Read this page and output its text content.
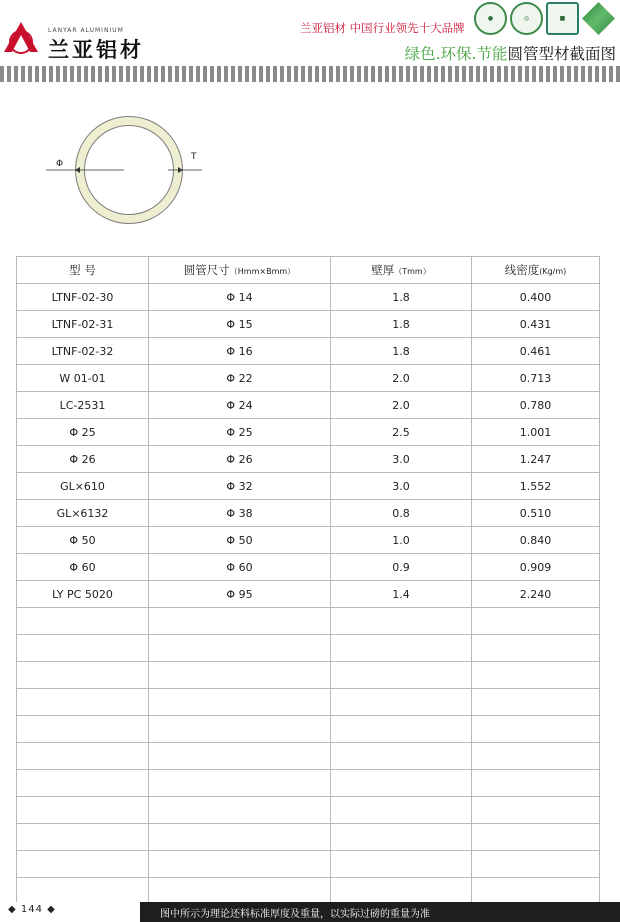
LANYAR ALUMINIUM
兰亚铝材
兰亚铝材 中国行业领先十大品牌
●	◎	■
绿色.环保.节能圆管型材截面图
Φ
T
型 号	圆管尺寸（Hmm×Bmm）	壁厚（Tmm）	线密度(Kg/m)
LTNF-02-30	Φ 14	1.8	0.400
LTNF-02-31	Φ 15	1.8	0.431
LTNF-02-32	Φ 16	1.8	0.461
W 01-01	Φ 22	2.0	0.713
LC-2531	Φ 24	2.0	0.780
Φ 25	Φ 25	2.5	1.001
Φ 26	Φ 26	3.0	1.247
GL×610	Φ 32	3.0	1.552
GL×6132	Φ 38	0.8	0.510
Φ 50	Φ 50	1.0	0.840
Φ 60	Φ 60	0.9	0.909
LY PC 5020	Φ 95	1.4	2.240

◆ 144 ◆	图中所示为理论还料标准厚度及重量，以实际过磅的重量为准
